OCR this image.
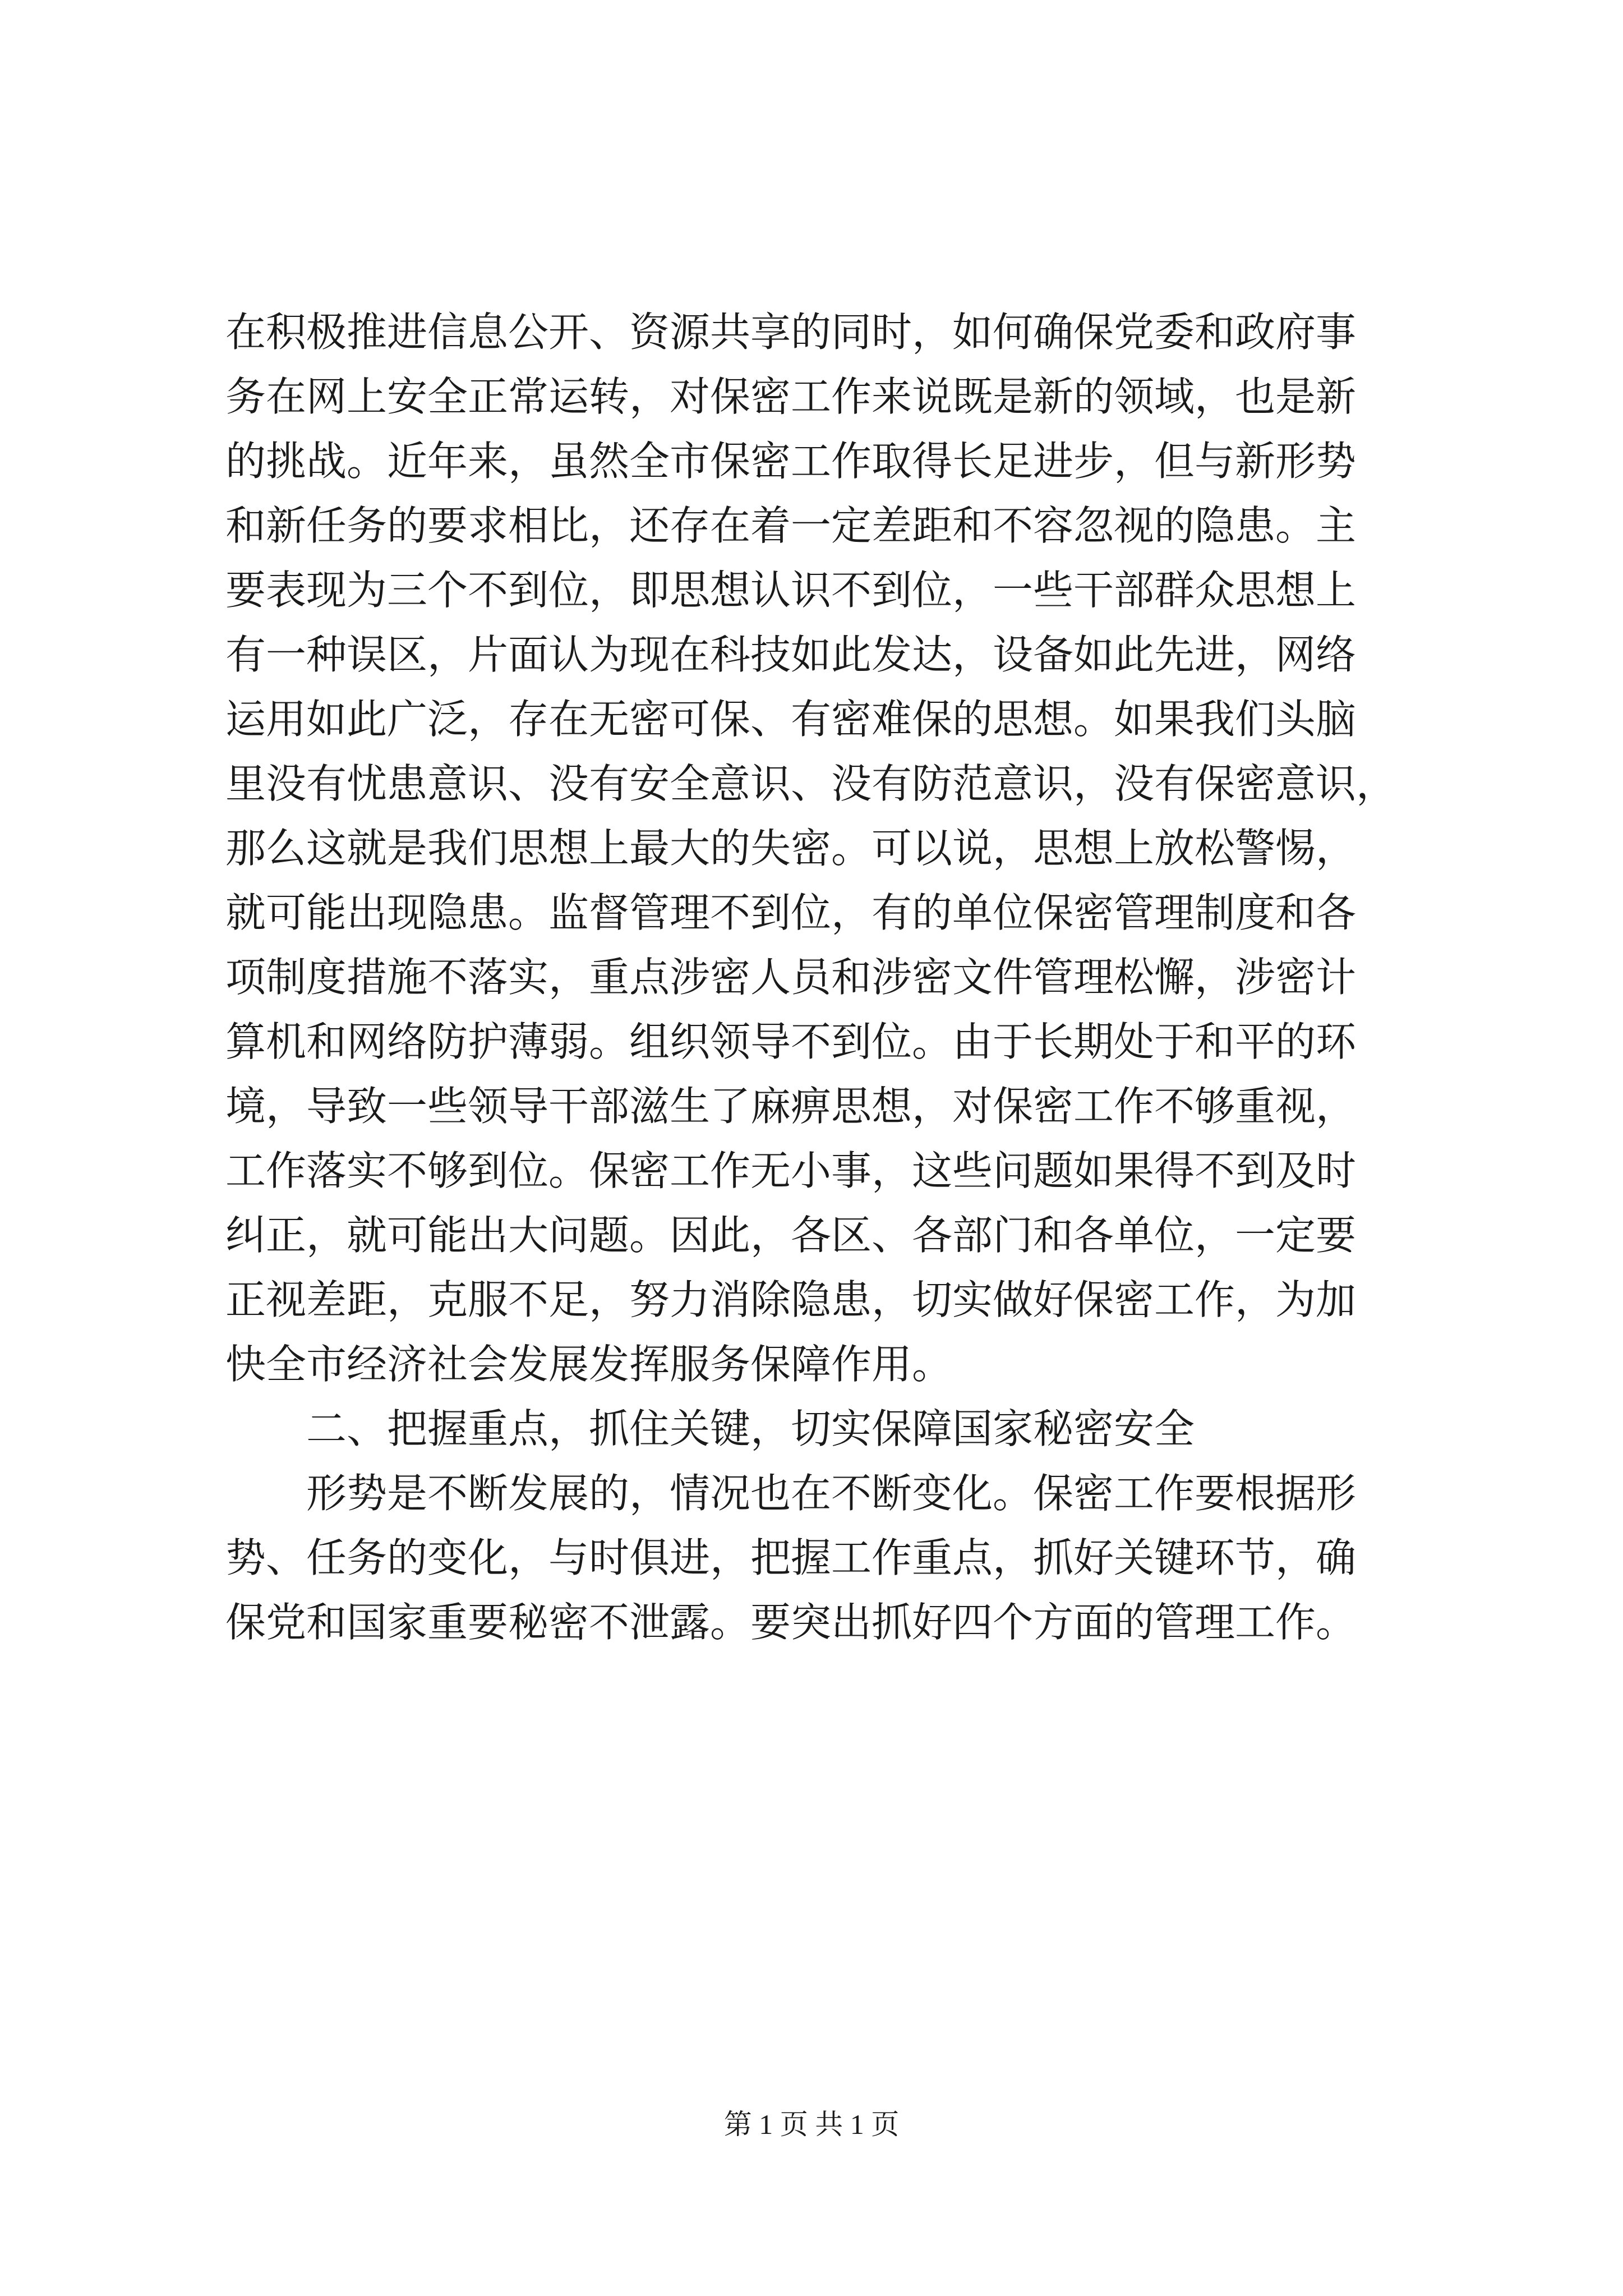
在积极推进信息公开、资源共享的同时，如何确保党委和政府事
务在网上安全正常运转，对保密工作来说既是新的领域，也是新
的挑战。近年来，虽然全市保密工作取得长足进步，但与新形势
和新任务的要求相比，还存在着一定差距和不容忽视的隐患。主
要表现为三个不到位，即思想认识不到位，一些干部群众思想上
有一种误区，片面认为现在科技如此发达，设备如此先进，网络
运用如此广泛，存在无密可保、有密难保的思想。如果我们头脑
里没有忧患意识、没有安全意识、没有防范意识，没有保密意识，
那么这就是我们思想上最大的失密。可以说，思想上放松警惕，
就可能出现隐患。监督管理不到位，有的单位保密管理制度和各
项制度措施不落实，重点涉密人员和涉密文件管理松懈，涉密计
算机和网络防护薄弱。组织领导不到位。由于长期处于和平的环
境，导致一些领导干部滋生了麻痹思想，对保密工作不够重视，
工作落实不够到位。保密工作无小事，这些问题如果得不到及时
纠正，就可能出大问题。因此，各区、各部门和各单位，一定要
正视差距，克服不足，努力消除隐患，切实做好保密工作，为加
快全市经济社会发展发挥服务保障作用。
二、把握重点，抓住关键，切实保障国家秘密安全
形势是不断发展的，情况也在不断变化。保密工作要根据形
势、任务的变化，与时俱进，把握工作重点，抓好关键环节，确
保党和国家重要秘密不泄露。要突出抓好四个方面的管理工作。
第 1 页 共 1 页
